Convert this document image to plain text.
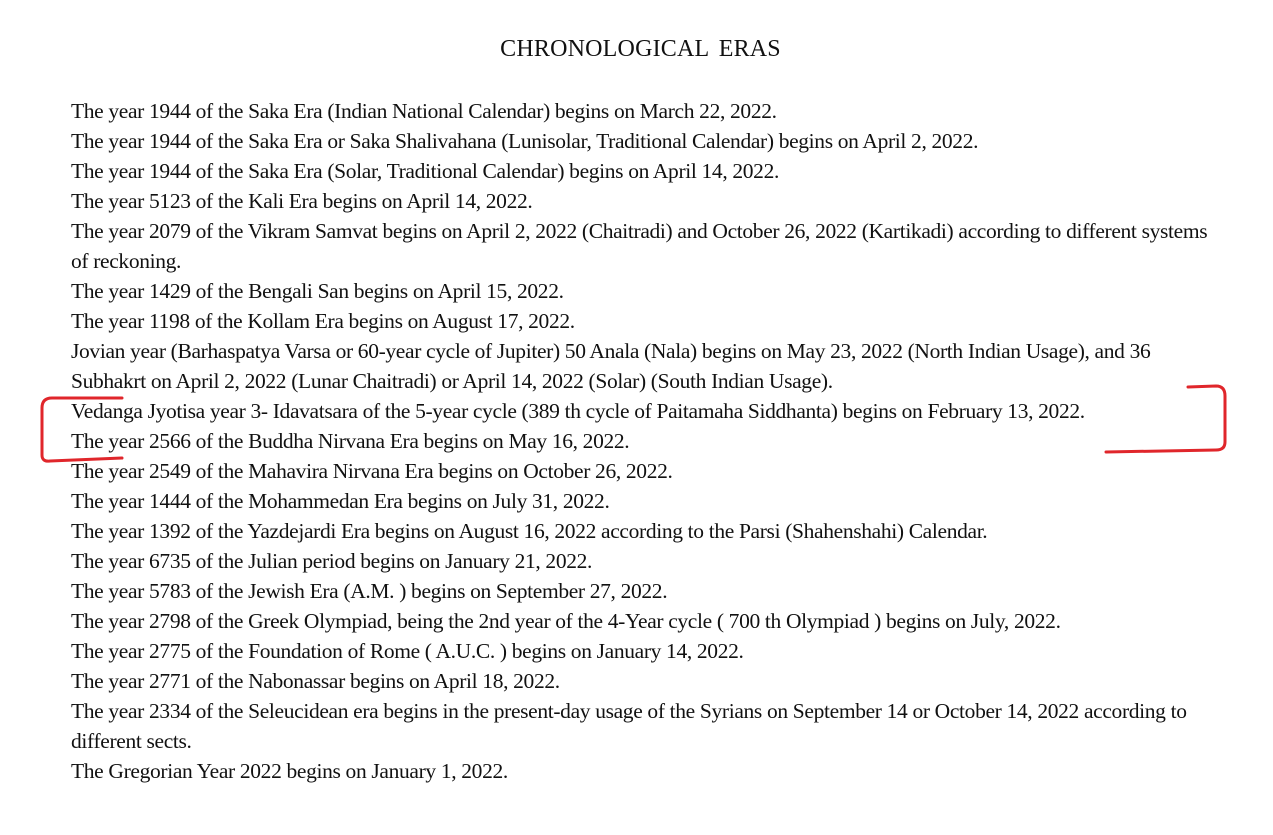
CHRONOLOGICAL ERAS

The year 1944 of the Saka Era (Indian National Calendar) begins on March 22, 2022.

The year 1944 of the Saka Era or Saka Shalivahana (Lunisolar, Traditional Calendar) begins on April 2, 2022.

The year 1944 of the Saka Era (Solar, Traditional Calendar) begins on April 14, 2022.

The year 5123 of the Kali Era begins on April 14, 2022.

The year 2079 of the Vikram Samvat begins on April 2, 2022 (Chaitradi) and October 26, 2022 (Kartikadi) according to different systems of reckoning.

The year 1429 of the Bengali San begins on April 15, 2022.

The year 1198 of the Kollam Era begins on August 17, 2022.

Jovian year (Barhaspatya Varsa or 60-year cycle of Jupiter) 50 Anala (Nala) begins on May 23, 2022 (North Indian Usage), and 36 Subhakrt on April 2, 2022 (Lunar Chaitradi) or April 14, 2022 (Solar) (South Indian Usage).

Vedanga Jyotisa year 3- Idavatsara of the 5-year cycle (389 th cycle of Paitamaha Siddhanta) begins on February 13, 2022.

The year 2566 of the Buddha Nirvana Era begins on May 16, 2022.

The year 2549 of the Mahavira Nirvana Era begins on October 26, 2022.

The year 1444 of the Mohammedan Era begins on July 31, 2022.

The year 1392 of the Yazdejardi Era begins on August 16, 2022 according to the Parsi (Shahenshahi) Calendar.

The year 6735 of the Julian period begins on January 21, 2022.

The year 5783 of the Jewish Era (A.M. ) begins on September 27, 2022.

The year 2798 of the Greek Olympiad, being the 2nd year of the 4-Year cycle ( 700 th Olympiad ) begins on July, 2022.

The year 2775 of the Foundation of Rome ( A.U.C. ) begins on January 14, 2022.

The year 2771 of the Nabonassar begins on April 18, 2022.

The year 2334 of the Seleucidean era begins in the present-day usage of the Syrians on September 14 or October 14, 2022 according to different sects.

The Gregorian Year 2022 begins on January 1, 2022.
